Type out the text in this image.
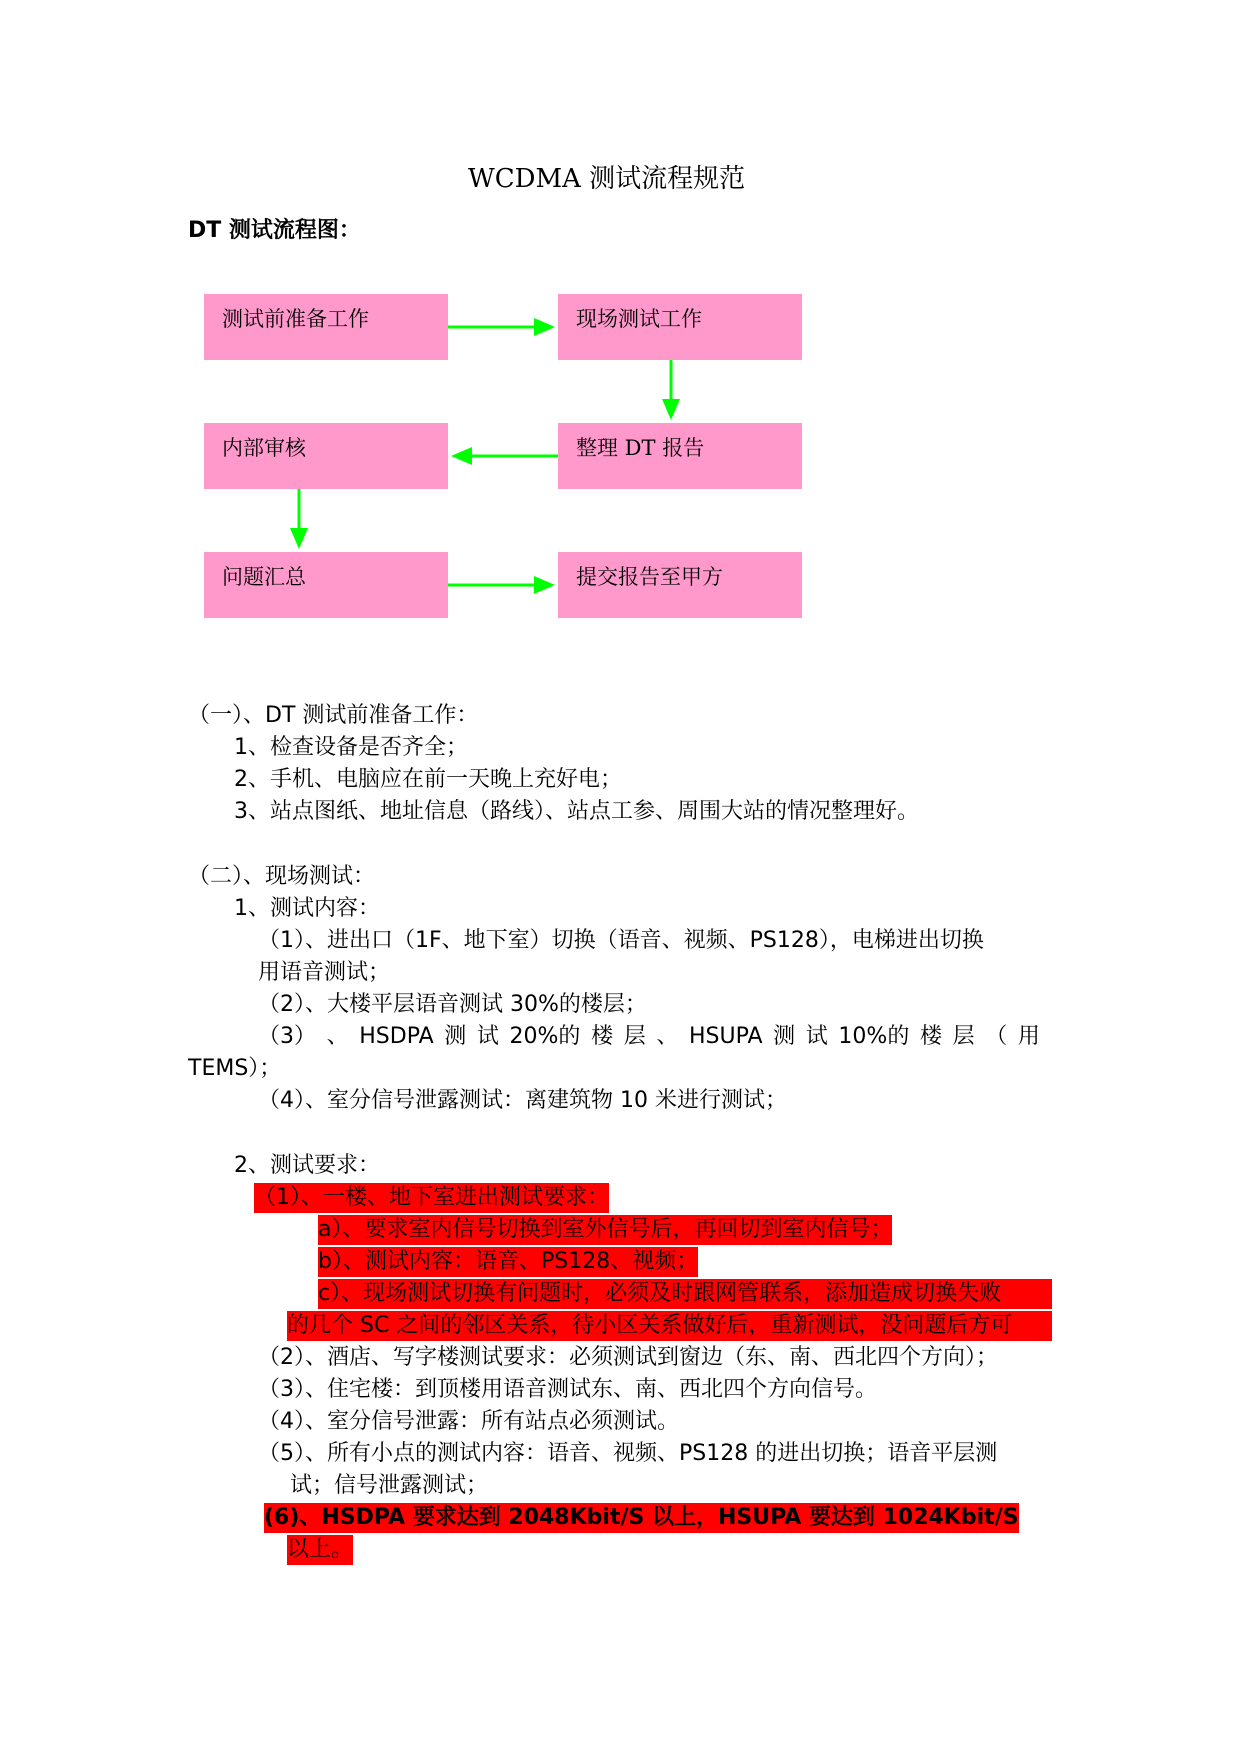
WCDMA 测试流程规范
DT 测试流程图：
测试前准备工作	现场测试工作
整理 DT 报告
内部审核
问题汇总	提交报告至甲方
（一）、DT 测试前准备工作：
1、检查设备是否齐全；
2、手机、电脑应在前一天晚上充好电；
3、站点图纸、地址信息（路线）、站点工参、周围大站的情况整理好。
（二）、现场测试：
1、测试内容：
（1）、进出口（1F、地下室）切换（语音、视频、PS128），电梯进出切换
用语音测试；
（2）、大楼平层语音测试 30%的楼层；
（3） 、 HSDPA 测 试 20%的 楼 层 、 HSUPA 测 试 10%的 楼 层 （ 用
TEMS）；
（4）、室分信号泄露测试：离建筑物 10 米进行测试；
2、测试要求：
（1）、一楼、地下室进出测试要求：
a）、要求室内信号切换到室外信号后，再回切到室内信号；
b）、测试内容：语音、PS128、视频；
c）、现场测试切换有问题时，必须及时跟网管联系，添加造成切换失败
的几个 SC 之间的邻区关系，待小区关系做好后，重新测试，没问题后方可
（2）、酒店、写字楼测试要求：必须测试到窗边（东、南、西北四个方向）；
（3）、住宅楼：到顶楼用语音测试东、南、西北四个方向信号。
（4）、室分信号泄露：所有站点必须测试。
（5）、所有小点的测试内容：语音、视频、PS128 的进出切换；语音平层测
试；信号泄露测试；
(6)、HSDPA 要求达到 2048Kbit/S 以上，HSUPA 要达到 1024Kbit/S
以上。
